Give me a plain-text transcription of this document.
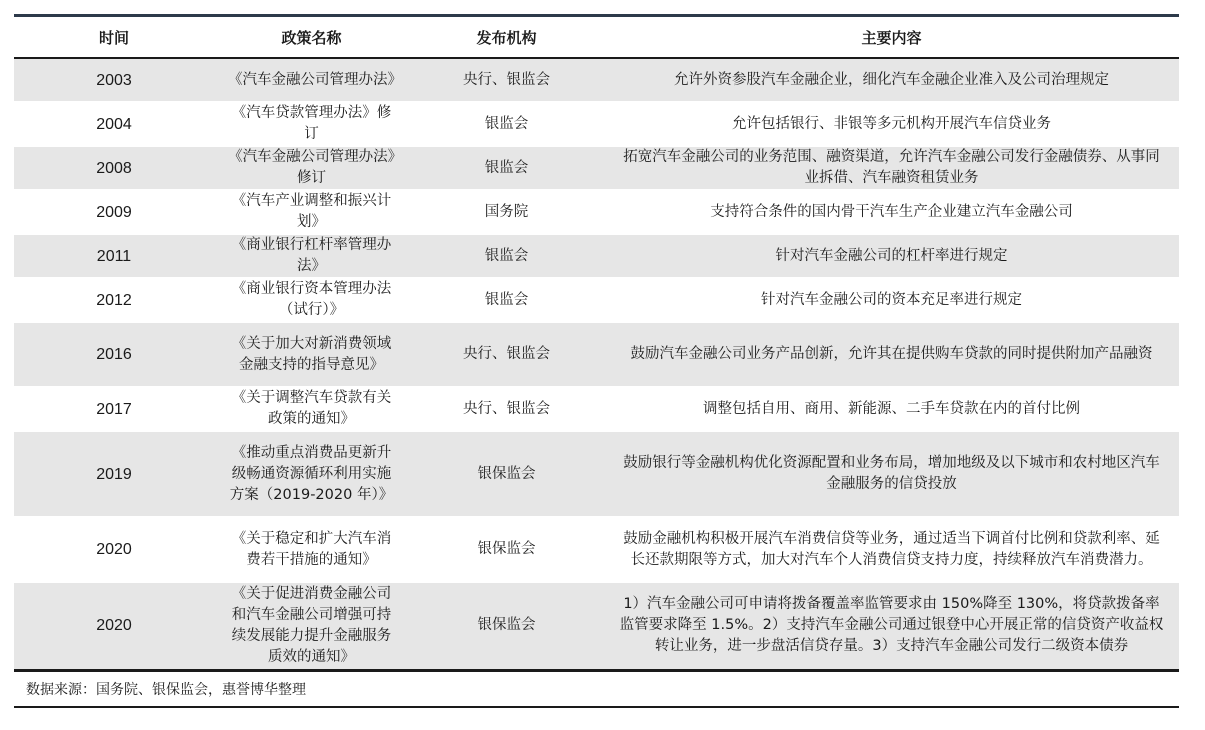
时间	政策名称	发布机构	主要内容
2003	《汽车金融公司管理办法》	央行、银监会	允许外资参股汽车金融企业，细化汽车金融企业准入及公司治理规定
2004	《汽车贷款管理办法》修订	银监会	允许包括银行、非银等多元机构开展汽车信贷业务
2008	《汽车金融公司管理办法》修订	银监会	拓宽汽车金融公司的业务范围、融资渠道，允许汽车金融公司发行金融债券、从事同业拆借、汽车融资租赁业务
2009	《汽车产业调整和振兴计划》	国务院	支持符合条件的国内骨干汽车生产企业建立汽车金融公司
2011	《商业银行杠杆率管理办法》	银监会	针对汽车金融公司的杠杆率进行规定
2012	《商业银行资本管理办法（试行）》	银监会	针对汽车金融公司的资本充足率进行规定
2016	《关于加大对新消费领域金融支持的指导意见》	央行、银监会	鼓励汽车金融公司业务产品创新，允许其在提供购车贷款的同时提供附加产品融资
2017	《关于调整汽车贷款有关政策的通知》	央行、银监会	调整包括自用、商用、新能源、二手车贷款在内的首付比例
2019	《推动重点消费品更新升级畅通资源循环利用实施方案（2019-2020 年）》	银保监会	鼓励银行等金融机构优化资源配置和业务布局，增加地级及以下城市和农村地区汽车金融服务的信贷投放
2020	《关于稳定和扩大汽车消费若干措施的通知》	银保监会	鼓励金融机构积极开展汽车消费信贷等业务，通过适当下调首付比例和贷款利率、延长还款期限等方式，加大对汽车个人消费信贷支持力度，持续释放汽车消费潜力。
2020	《关于促进消费金融公司和汽车金融公司增强可持续发展能力提升金融服务质效的通知》	银保监会	1）汽车金融公司可申请将拨备覆盖率监管要求由 150%降至 130%，将贷款拨备率监管要求降至 1.5%。2）支持汽车金融公司通过银登中心开展正常的信贷资产收益权转让业务，进一步盘活信贷存量。3）支持汽车金融公司发行二级资本债券
数据来源：国务院、银保监会，惠誉博华整理
